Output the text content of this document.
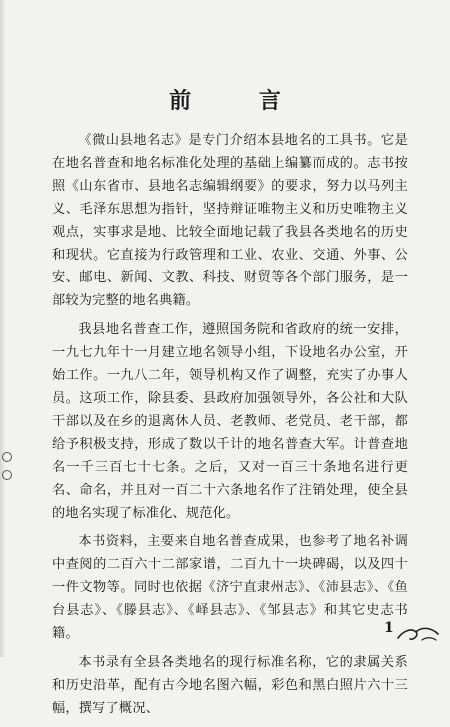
前 言

《微山县地名志》是专门介绍本县地名的工具书。它是在地名普查和地名标准化处理的基础上编纂而成的。志书按照《山东省市、县地名志编辑纲要》的要求，努力以马列主义、毛泽东思想为指针，坚持辩证唯物主义和历史唯物主义观点，实事求是地、比较全面地记载了我县各类地名的历史和现状。它直接为行政管理和工业、农业、交通、外事、公安、邮电、新闻、文教、科技、财贸等各个部门服务，是一部较为完整的地名典籍。

我县地名普查工作，遵照国务院和省政府的统一安排，一九七九年十一月建立地名领导小组，下设地名办公室，开始工作。一九八二年，领导机构又作了调整，充实了办事人员。这项工作，除县委、县政府加强领导外，各公社和大队干部以及在乡的退离休人员、老教师、老党员、老干部，都给予积极支持，形成了数以千计的地名普查大军。计普查地名一千三百七十七条。之后，又对一百三十条地名进行更名、命名，并且对一百二十六条地名作了注销处理，使全县的地名实现了标准化、规范化。

本书资料，主要来自地名普查成果，也参考了地名补调中查阅的二百六十二部家谱，二百九十一块碑碣，以及四十一件文物等。同时也依据《济宁直隶州志》、《沛县志》、《鱼台县志》、《滕县志》、《峄县志》、《邹县志》和其它史志书籍。

本书录有全县各类地名的现行标准名称，它的隶属关系和历史沿革，配有古今地名图六幅，彩色和黑白照片六十三幅，撰写了概况、

1
